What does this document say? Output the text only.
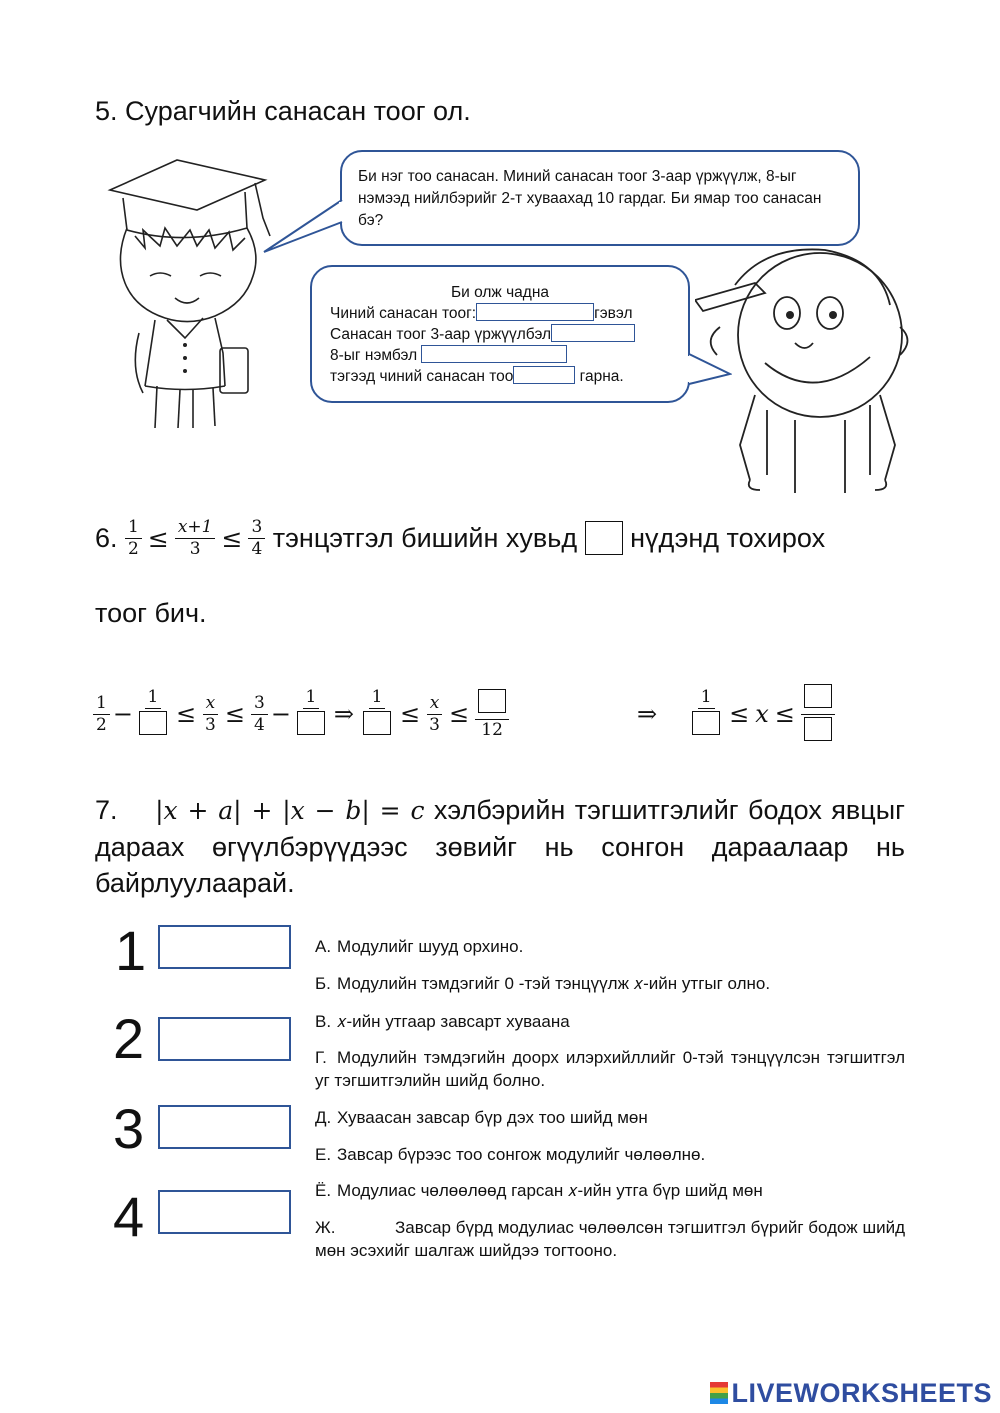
5. Сурагчийн санасан тоог ол.
Би нэг тоо санасан. Миний санасан тоог 3-аар үржүүлж, 8-ыг нэмээд нийлбэрийг 2-т хуваахад 10 гардаг. Би ямар тоо санасан бэ?
Би олж чадна
Чиний санасан тоог:	гэвэл
Санасан тоог 3-аар үржүүлбэл
8-ыг нэмбэл
тэгээд чиний санасан тоо	гарна.
6.
$\frac{1}{2} \le \frac{x+1}{3} \le \frac{3}{4}$
тэнцэтгэл бишийн хувьд

нүдэнд тохирох
тоог бич.
$\frac{1}{2}$ −
1
≤ $\frac{x}{3} \le \frac{3}{4}$ −
1
⇒
1
≤ $\frac{x}{3}$ ≤
12
⇒
1
≤ x ≤
7. |x + a| + |x − b| = c хэлбэрийн тэгшитгэлийг бодох явцыг дараах өгүүлбэрүүдээс зөвийг нь сонгон дараалаар нь байрлуулаарай.
1
2
3
4
А. Модулийг шууд орхино.
Б. Модулийн тэмдэгийг 0 -тэй тэнцүүлж 𝑥-ийн утгыг олно.
В. 𝑥-ийн утгаар завсарт хуваана
Г. Модулийн тэмдэгийн доорх илэрхийллийг 0-тэй тэнцүүлсэн тэгшитгэл уг тэгшитгэлийн шийд болно.
Д. Хуваасан завсар бүр дэх тоо шийд мөн
Е. Завсар бүрээс тоо сонгож модулийг чөлөөлнө.
Ё. Модулиас чөлөөлөөд гарсан 𝑥-ийн утга бүр шийд мөн
Ж.	Завсар бүрд модулиас чөлөөлсөн тэгшитгэл бүрийг бодож шийд мөн эсэхийг шалгаж шийдээ тогтооно.
LIVEWORKSHEETS
